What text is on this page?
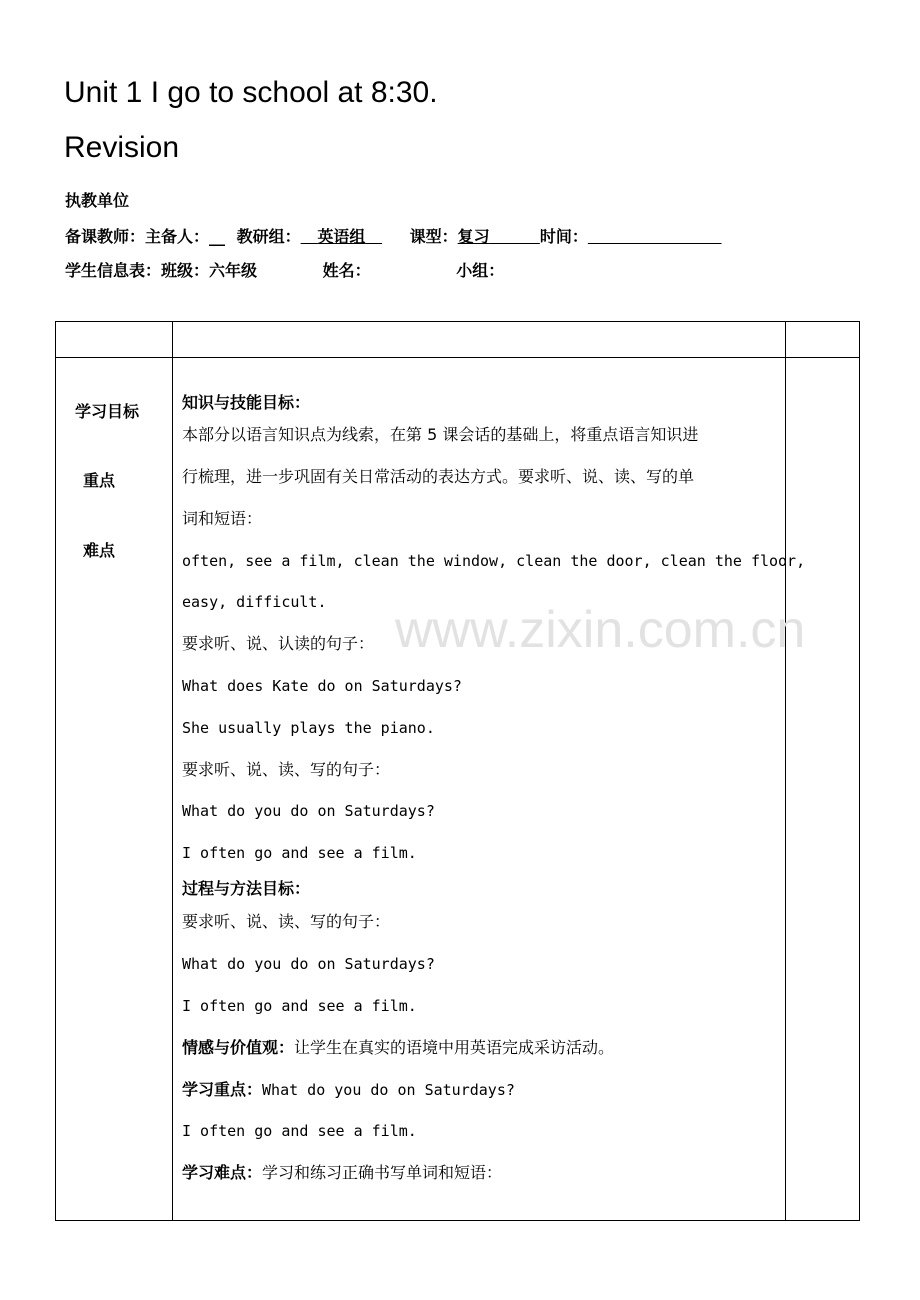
Unit 1 I go to school at 8:30.
Revision
执教单位
备课教师：主备人：__ 教研组： 英语组	课型：复习	时间：
学生信息表：班级：六年级	姓名：	小组：
学习目标
重点
难点
知识与技能目标：
本部分以语言知识点为线索，在第 5 课会话的基础上，将重点语言知识进
行梳理，进一步巩固有关日常活动的表达方式。要求听、说、读、写的单
词和短语：
often, see a film, clean the window, clean the door, clean the floor,
easy, difficult.
要求听、说、认读的句子：
What does Kate do on Saturdays?
She usually plays the piano.
要求听、说、读、写的句子：
What do you do on Saturdays?
I often go and see a film.
过程与方法目标：
要求听、说、读、写的句子：
What do you do on Saturdays?
I often go and see a film.
情感与价值观：让学生在真实的语境中用英语完成采访活动。
学习重点：What do you do on Saturdays?
I often go and see a film.
学习难点：学习和练习正确书写单词和短语：
www.zixin.com.cn
